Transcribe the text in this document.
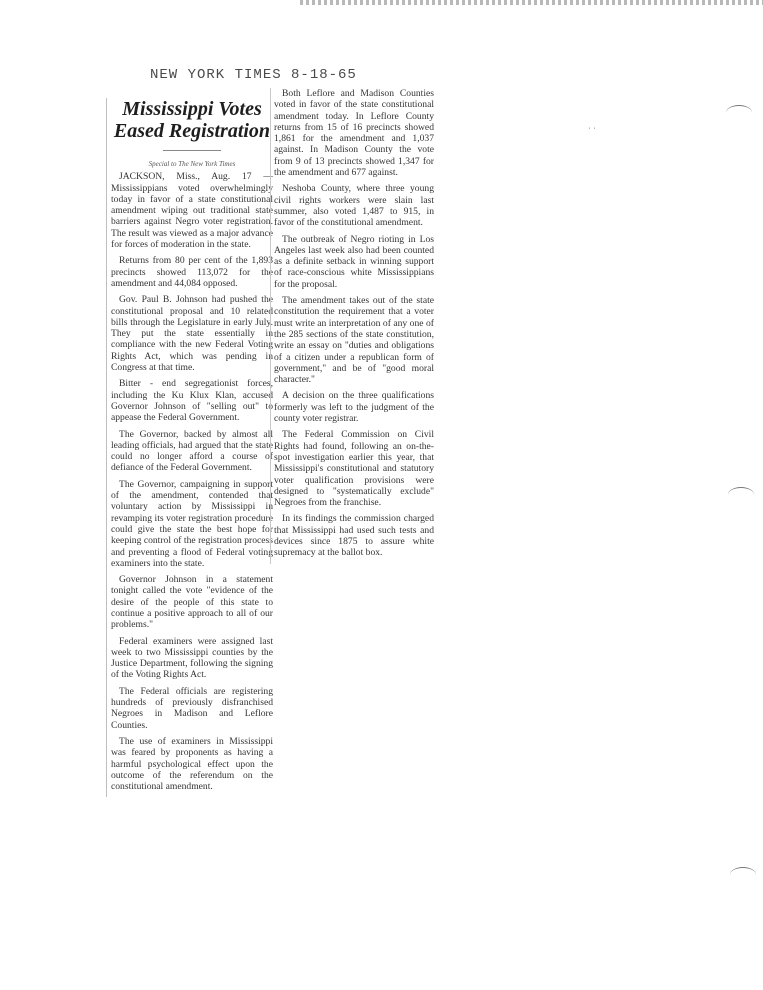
NEW YORK TIMES 8-18-65
Mississippi Votes
Eased Registration
Special to The New York Times

JACKSON, Miss., Aug. 17 — Mississippians voted overwhelmingly today in favor of a state constitutional amendment wiping out traditional state barriers against Negro voter registration. The result was viewed as a major advance for forces of moderation in the state.

Returns from 80 per cent of the 1,893 precincts showed 113,072 for the amendment and 44,084 opposed.

Gov. Paul B. Johnson had pushed the constitutional proposal and 10 related bills through the Legislature in early July. They put the state essentially in compliance with the new Federal Voting Rights Act, which was pending in Congress at that time.

Bitter - end segregationist forces, including the Ku Klux Klan, accused Governor Johnson of "selling out" to appease the Federal Government.

The Governor, backed by almost all leading officials, had argued that the state could no longer afford a course of defiance of the Federal Government.

The Governor, campaigning in support of the amendment, contended that voluntary action by Mississippi in revamping its voter registration procedure could give the state the best hope for keeping control of the registration process and preventing a flood of Federal voting examiners into the state.

Governor Johnson in a statement tonight called the vote "evidence of the desire of the people of this state to continue a positive approach to all of our problems."

Federal examiners were assigned last week to two Mississippi counties by the Justice Department, following the signing of the Voting Rights Act.

The Federal officials are registering hundreds of previously disfranchised Negroes in Madison and Leflore Counties.

The use of examiners in Mississippi was feared by proponents as having a harmful psychological effect upon the outcome of the referendum on the constitutional amendment.

Both Leflore and Madison Counties voted in favor of the state constitutional amendment today. In Leflore County returns from 15 of 16 precincts showed 1,861 for the amendment and 1,037 against. In Madison County the vote from 9 of 13 precincts showed 1,347 for the amendment and 677 against.

Neshoba County, where three young civil rights workers were slain last summer, also voted 1,487 to 915, in favor of the constitutional amendment.

The outbreak of Negro rioting in Los Angeles last week also had been counted as a definite setback in winning support of race-conscious white Mississippians for the proposal.

The amendment takes out of the state constitution the requirement that a voter must write an interpretation of any one of the 285 sections of the state constitution, write an essay on "duties and obligations of a citizen under a republican form of government," and be of "good moral character."

A decision on the three qualifications formerly was left to the judgment of the county voter registrar.

The Federal Commission on Civil Rights had found, following an on-the-spot investigation earlier this year, that Mississippi's constitutional and statutory voter qualification provisions were designed to "systematically exclude" Negroes from the franchise.

In its findings the commission charged that Mississippi had used such tests and devices since 1875 to assure white supremacy at the ballot box.

⋅ ⋅
